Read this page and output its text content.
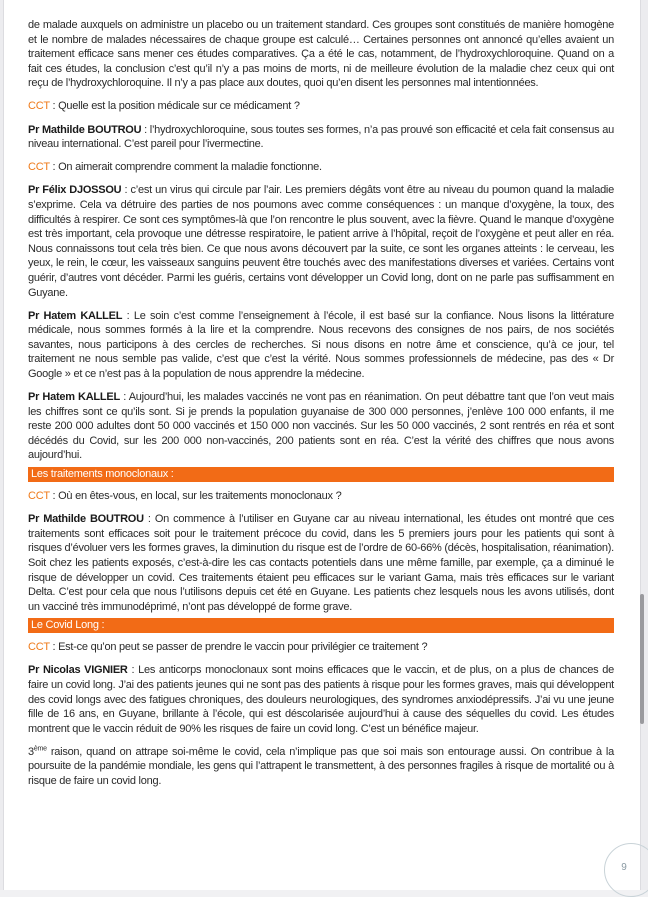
de malade auxquels on administre un placebo ou un traitement standard. Ces groupes sont constitués de manière homogène et le nombre de malades nécessaires de chaque groupe est calculé… Certaines personnes ont annoncé qu’elles avaient un traitement efficace sans mener ces études comparatives. Ça a été le cas, notamment, de l’hydroxychloroquine. Quand on a fait ces études, la conclusion c’est qu’il n’y a pas moins de morts, ni de meilleure évolution de la maladie chez ceux qui ont reçu de l’hydroxychloroquine. Il n’y a pas place aux doutes, quoi qu’en disent les personnes mal intentionnées.

CCT : Quelle est la position médicale sur ce médicament ?

Pr Mathilde BOUTROU : l’hydroxychloroquine, sous toutes ses formes, n’a pas prouvé son efficacité et cela fait consensus au niveau international. C’est pareil pour l’ivermectine.

CCT : On aimerait comprendre comment la maladie fonctionne.

Pr Félix DJOSSOU : c’est un virus qui circule par l’air. Les premiers dégâts vont être au niveau du poumon quand la maladie s’exprime. Cela va détruire des parties de nos poumons avec comme conséquences : un manque d’oxygène, la toux, des difficultés à respirer. Ce sont ces symptômes-là que l’on rencontre le plus souvent, avec la fièvre. Quand le manque d’oxygène est très important, cela provoque une détresse respiratoire, le patient arrive à l’hôpital, reçoit de l’oxygène et peut aller en réa. Nous connaissons tout cela très bien. Ce que nous avons découvert par la suite, ce sont les organes atteints : le cerveau, les yeux, le rein, le cœur, les vaisseaux sanguins peuvent être touchés avec des manifestations diverses et variées. Certains vont guérir, d’autres vont décéder. Parmi les guéris, certains vont développer un Covid long, dont on ne parle pas suffisamment en Guyane.

Pr Hatem KALLEL : Le soin c’est comme l’enseignement à l’école, il est basé sur la confiance. Nous lisons la littérature médicale, nous sommes formés à la lire et la comprendre. Nous recevons des consignes de nos pairs, de nos sociétés savantes, nous participons à des cercles de recherches. Si nous disons en notre âme et conscience, qu’à ce jour, tel traitement ne nous semble pas valide, c’est que c’est la vérité. Nous sommes professionnels de médecine, pas des « Dr Google » et ce n’est pas à la population de nous apprendre la médecine.

Pr Hatem KALLEL : Aujourd’hui, les malades vaccinés ne vont pas en réanimation. On peut débattre tant que l’on veut mais les chiffres sont ce qu’ils sont. Si je prends la population guyanaise de 300 000 personnes, j’enlève 100 000 enfants, il me reste 200 000 adultes dont 50 000 vaccinés et 150 000 non vaccinés. Sur les 50 000 vaccinés, 2 sont rentrés en réa et sont décédés du Covid, sur les 200 000 non-vaccinés, 200 patients sont en réa. C’est la vérité des chiffres que nous avons aujourd’hui.

Les traitements monoclonaux :

CCT : Où en êtes-vous, en local, sur les traitements monoclonaux ?

Pr Mathilde BOUTROU : On commence à l’utiliser en Guyane car au niveau international, les études ont montré que ces traitements sont efficaces soit pour le traitement précoce du covid, dans les 5 premiers jours pour les patients qui sont à risques d’évoluer vers les formes graves, la diminution du risque est de l’ordre de 60-66% (décès, hospitalisation, réanimation). Soit chez les patients exposés, c’est-à-dire les cas contacts potentiels dans une même famille, par exemple, ça a diminué le risque de développer un covid. Ces traitements étaient peu efficaces sur le variant Gama, mais très efficaces sur le variant Delta. C’est pour cela que nous l’utilisons depuis cet été en Guyane. Les patients chez lesquels nous les avons utilisés, dont un vacciné très immunodéprimé, n’ont pas développé de forme grave.

Le Covid Long :

CCT : Est-ce qu’on peut se passer de prendre le vaccin pour privilégier ce traitement ?

Pr Nicolas VIGNIER : Les anticorps monoclonaux sont moins efficaces que le vaccin, et de plus, on a plus de chances de faire un covid long. J’ai des patients jeunes qui ne sont pas des patients à risque pour les formes graves, mais qui développent des covid longs avec des fatigues chroniques, des douleurs neurologiques, des syndromes anxiodépressifs. J’ai vu une jeune fille de 16 ans, en Guyane, brillante à l’école, qui est déscolarisée aujourd’hui à cause des séquelles du covid. Les études montrent que le vaccin réduit de 90% les risques de faire un covid long. C’est un bénéfice majeur.

3ème raison, quand on attrape soi-même le covid, cela n’implique pas que soi mais son entourage aussi. On contribue à la poursuite de la pandémie mondiale, les gens qui l’attrapent le transmettent, à des personnes fragiles à risque de mortalité ou à risque de faire un covid long.

9
